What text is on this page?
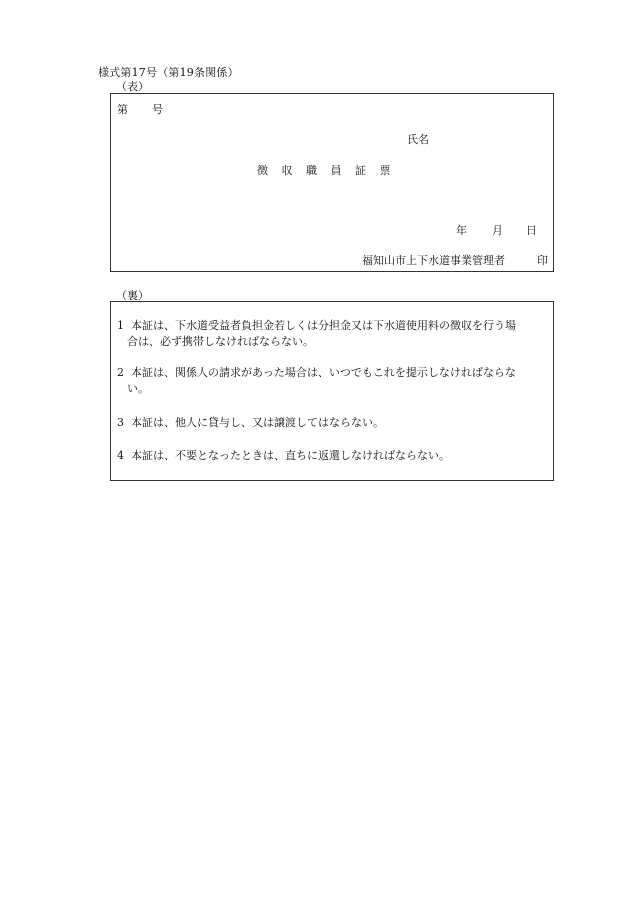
様式第17号（第19条関係）
（表）
第 号
氏名
徴収職員証票
年 月 日
福知山市上下水道事業管理者	印
（裏）
1 本証は、下水道受益者負担金若しくは分担金又は下水道使用料の徴収を行う場
合は、必ず携帯しなければならない。
2 本証は、関係人の請求があった場合は、いつでもこれを提示しなければならな
い。
3 本証は、他人に貸与し、又は譲渡してはならない。
4 本証は、不要となったときは、直ちに返還しなければならない。
